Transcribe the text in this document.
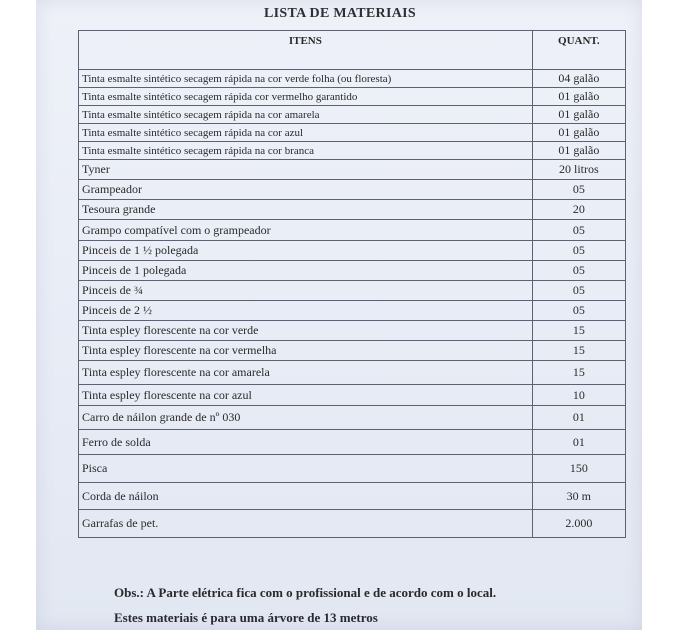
LISTA DE MATERIAIS
ITENS	QUANT.
Tinta esmalte sintético secagem rápida na cor verde folha (ou floresta)	04 galão
Tinta esmalte sintético secagem rápida cor vermelho garantido	01 galão
Tinta esmalte sintético secagem rápida na cor amarela	01 galão
Tinta esmalte sintético secagem rápida na cor azul	01 galão
Tinta esmalte sintético secagem rápida na cor branca	01 galão
Tyner	20 litros
Grampeador	05
Tesoura grande	20
Grampo compatível com o grampeador	05
Pinceis de 1 ½ polegada	05
Pinceis de 1 polegada	05
Pinceis de ¾	05
Pinceis de 2 ½	05
Tinta espley florescente na cor verde	15
Tinta espley florescente na cor vermelha	15
Tinta espley florescente na cor amarela	15
Tinta espley florescente na cor azul	10
Carro de náilon grande de nº 030	01
Ferro de solda	01
Pisca	150
Corda de náilon	30 m
Garrafas de pet.	2.000
Obs.: A Parte elétrica fica com o profissional e de acordo com o local.
Estes materiais é para uma árvore de 13 metros
